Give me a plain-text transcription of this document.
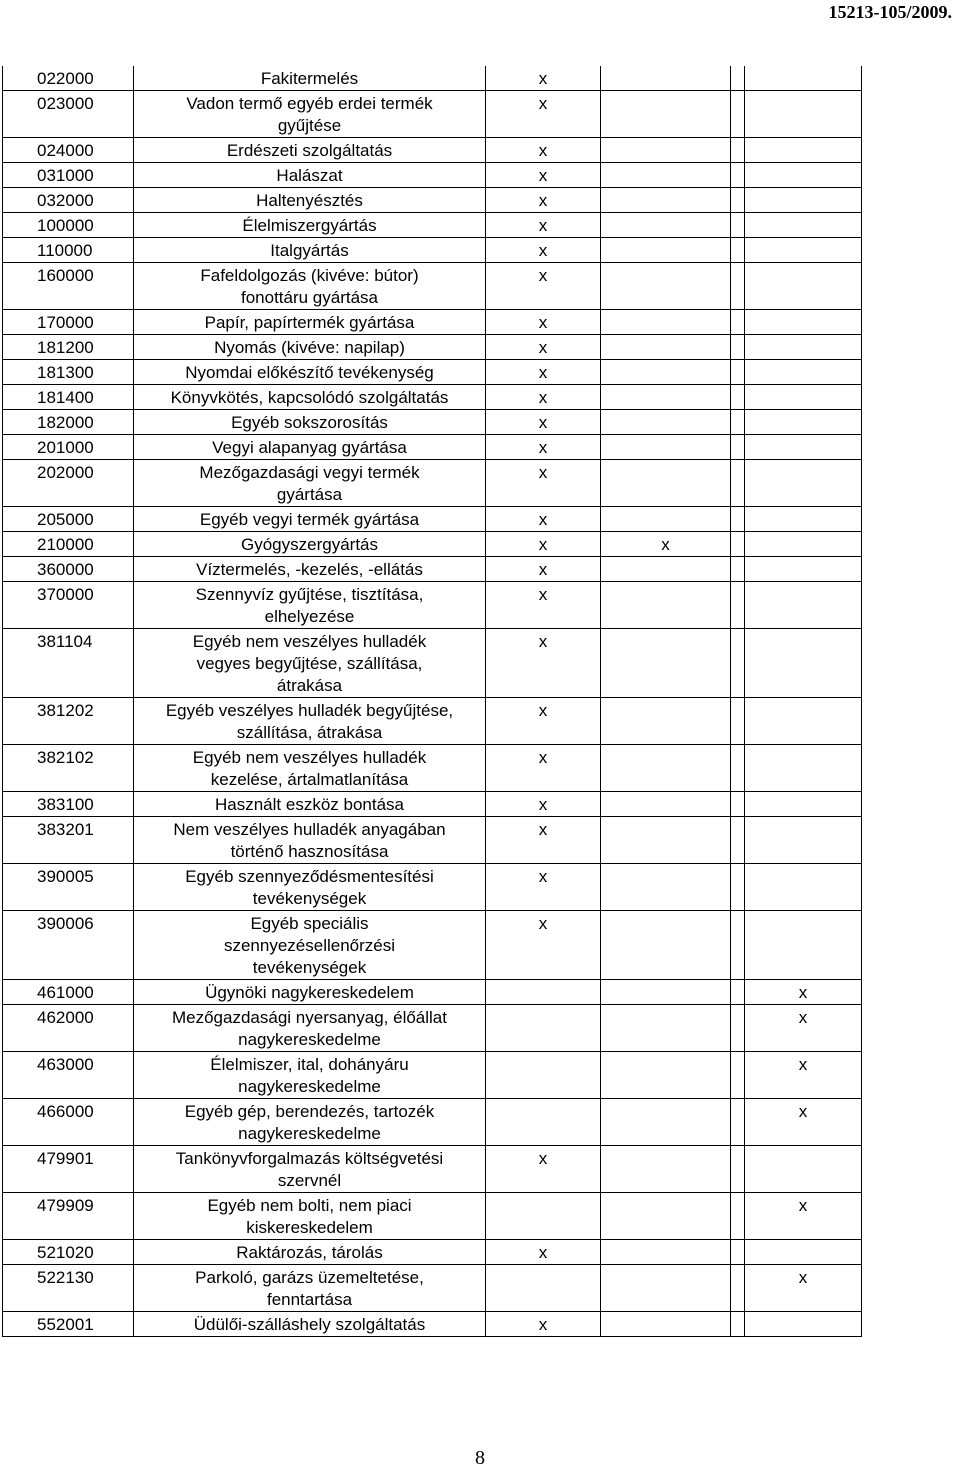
15213-105/2009.
022000	Fakitermelés	x			
023000	Vadon termő egyéb erdei termék
gyűjtése	x			
024000	Erdészeti szolgáltatás	x			
031000	Halászat	x			
032000	Haltenyésztés	x			
100000	Élelmiszergyártás	x			
110000	Italgyártás	x			
160000	Fafeldolgozás (kivéve: bútor)
fonottáru gyártása	x			
170000	Papír, papírtermék gyártása	x			
181200	Nyomás (kivéve: napilap)	x			
181300	Nyomdai előkészítő tevékenység	x			
181400	Könyvkötés, kapcsolódó szolgáltatás	x			
182000	Egyéb sokszorosítás	x			
201000	Vegyi alapanyag gyártása	x			
202000	Mezőgazdasági vegyi termék
gyártása	x			
205000	Egyéb vegyi termék gyártása	x			
210000	Gyógyszergyártás	x	x		
360000	Víztermelés, -kezelés, -ellátás	x			
370000	Szennyvíz gyűjtése, tisztítása,
elhelyezése	x			
381104	Egyéb nem veszélyes hulladék
vegyes begyűjtése, szállítása,
átrakása	x			
381202	Egyéb veszélyes hulladék begyűjtése,
szállítása, átrakása	x			
382102	Egyéb nem veszélyes hulladék
kezelése, ártalmatlanítása	x			
383100	Használt eszköz bontása	x			
383201	Nem veszélyes hulladék anyagában
történő hasznosítása	x			
390005	Egyéb szennyeződésmentesítési
tevékenységek	x			
390006	Egyéb speciális
szennyezésellenőrzési
tevékenységek	x			
461000	Ügynöki nagykereskedelem				x
462000	Mezőgazdasági nyersanyag, élőállat
nagykereskedelme				x
463000	Élelmiszer, ital, dohányáru
nagykereskedelme				x
466000	Egyéb gép, berendezés, tartozék
nagykereskedelme				x
479901	Tankönyvforgalmazás költségvetési
szervnél	x			
479909	Egyéb nem bolti, nem piaci
kiskereskedelem				x
521020	Raktározás, tárolás	x			
522130	Parkoló, garázs üzemeltetése,
fenntartása				x
552001	Üdülői-szálláshely szolgáltatás	x			
8
